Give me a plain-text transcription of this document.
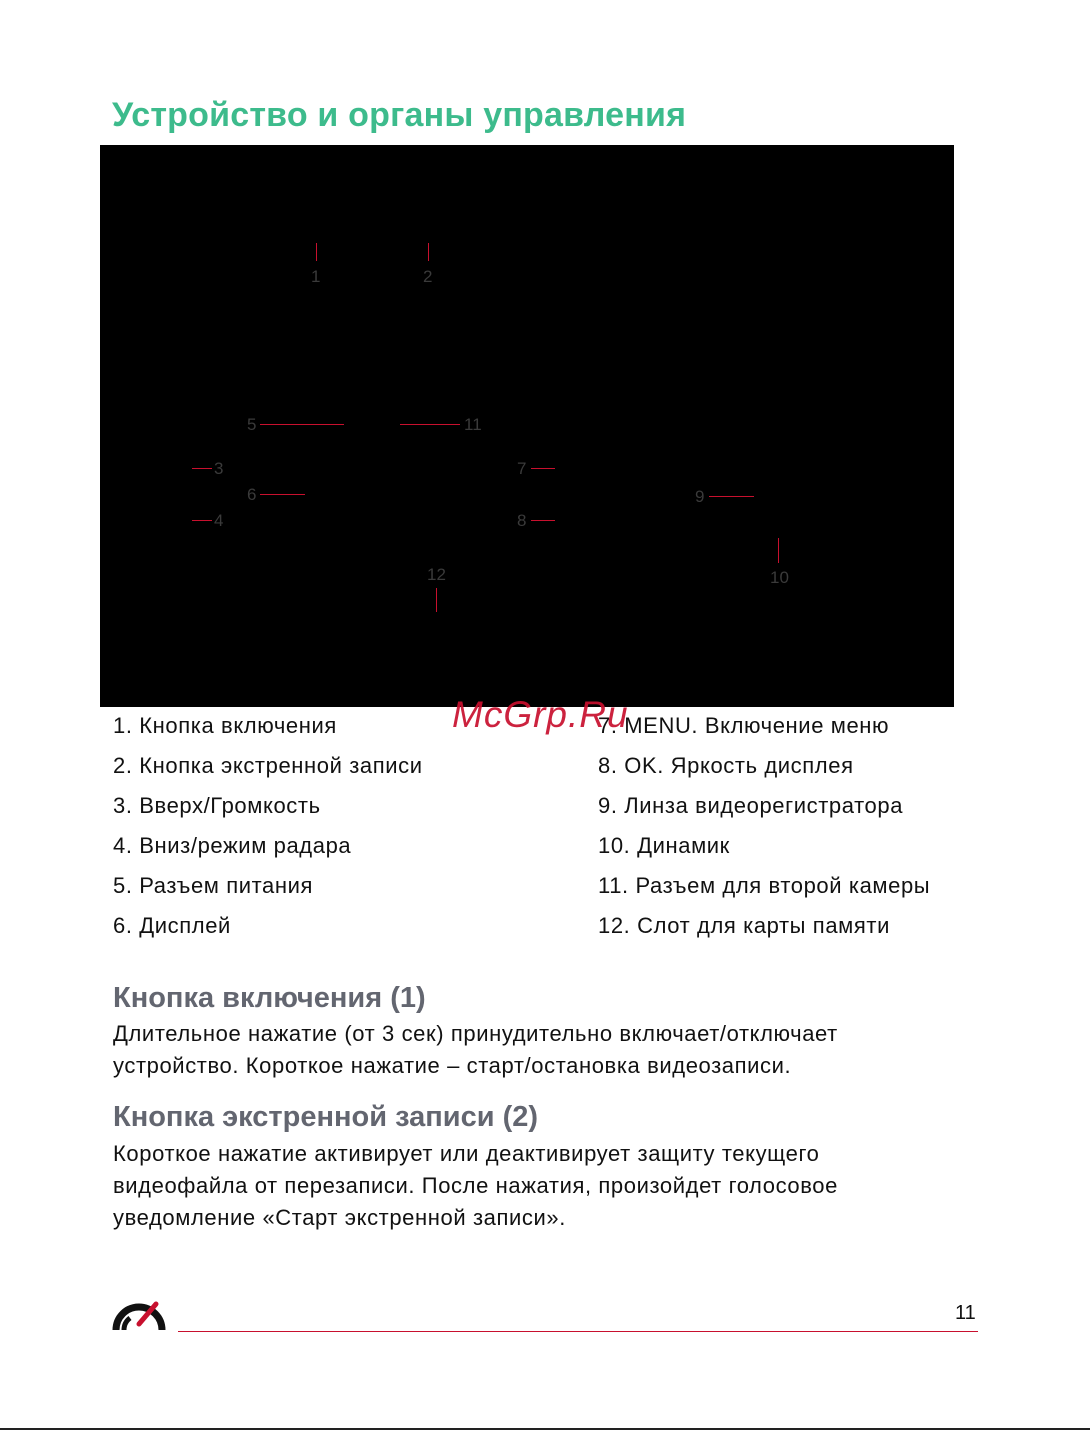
Устройство и органы управления
1	2
3
4
5
6
7
8
9
10
11
12
1. Кнопка включения
2. Кнопка экстренной записи
3. Вверх/Громкость
4. Вниз/режим радара
5. Разъем питания
6. Дисплей
7. MENU. Включение меню
8. OK. Яркость дисплея
9. Линза видеорегистратора
10. Динамик
11. Разъем для второй камеры
12. Слот для карты памяти
McGrp.Ru
Кнопка включения (1)

Длительное нажатие (от 3 сек) принудительно включает/отключает

устройство. Короткое нажатие – старт/остановка видеозаписи.

Кнопка экстренной записи (2)

Короткое нажатие активирует или деактивирует защиту текущего

видеофайла от перезаписи. После нажатия, произойдет голосовое

уведомление «Старт экстренной записи».

11
